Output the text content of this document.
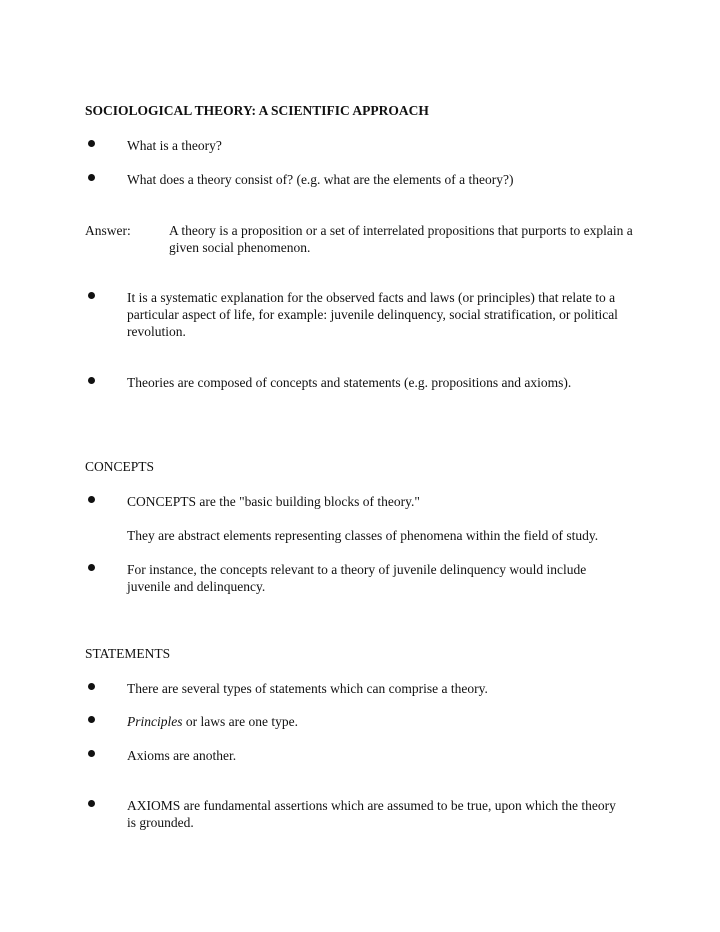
SOCIOLOGICAL THEORY: A SCIENTIFIC APPROACH
What is a theory?
What does a theory consist of? (e.g. what are the elements of a theory?)
Answer:	A theory is a proposition or a set of interrelated propositions that purports to explain a given social phenomenon.
It is a systematic explanation for the observed facts and laws (or principles) that relate to a particular aspect of life, for example: juvenile delinquency, social stratification, or political revolution.
Theories are composed of concepts and statements (e.g. propositions and axioms).
CONCEPTS
CONCEPTS are the "basic building blocks of theory."
They are abstract elements representing classes of phenomena within the field of study.
For instance, the concepts relevant to a theory of juvenile delinquency would include juvenile and delinquency.
STATEMENTS
There are several types of statements which can comprise a theory.
Principles or laws are one type.
Axioms are another.
AXIOMS are fundamental assertions which are assumed to be true, upon which the theory is grounded.
